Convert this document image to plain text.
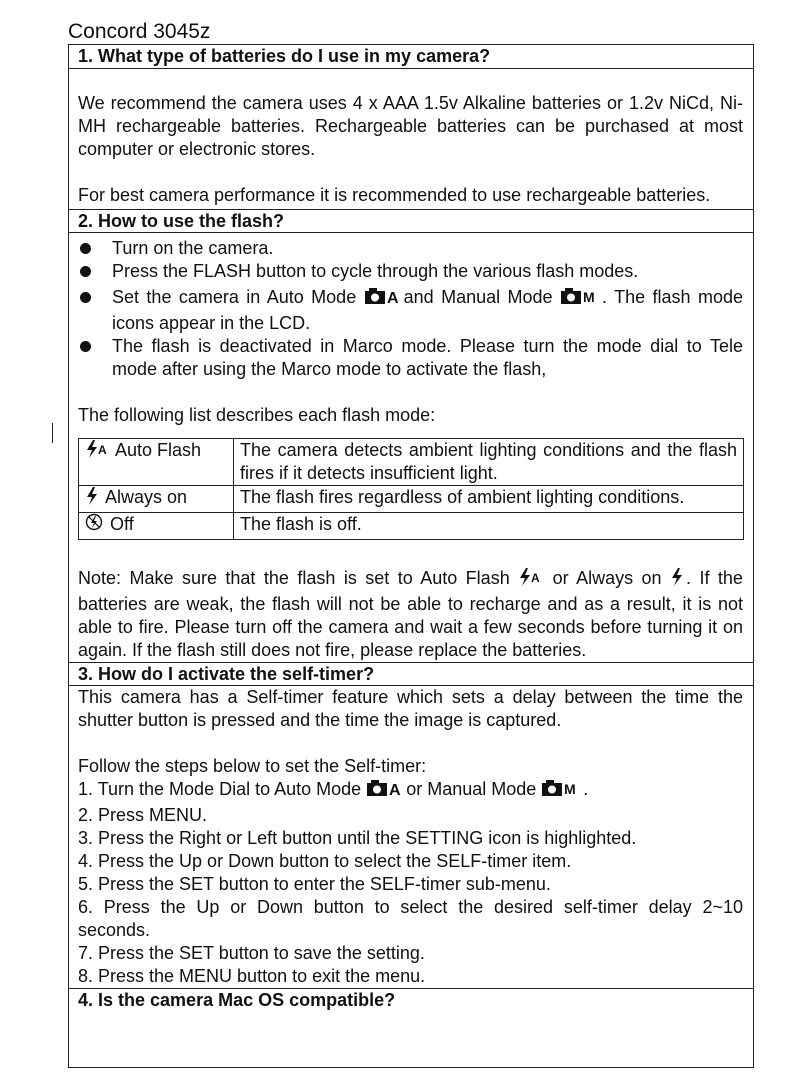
Concord 3045z
1. What type of batteries do I use in my camera?

We recommend the camera uses 4 x AAA 1.5v Alkaline batteries or 1.2v NiCd, Ni-MH rechargeable batteries. Rechargeable batteries can be purchased at most computer or electronic stores.

For best camera performance it is recommended to use rechargeable batteries.

2. How to use the flash?
Turn on the camera.
Press the FLASH button to cycle through the various flash modes.
Set the camera in Auto Mode A and Manual Mode M . The flash mode icons appear in the LCD.
The flash is deactivated in Marco mode. Please turn the mode dial to Tele mode after using the Marco mode to activate the flash,

The following list describes each flash mode:

A Auto Flash	The camera detects ambient lighting conditions and the flash fires if it detects insufficient light.
Always on	The flash fires regardless of ambient lighting conditions.
Off	The flash is off.

Note: Make sure that the flash is set to Auto Flash A or Always on . If the batteries are weak, the flash will not be able to recharge and as a result, it is not able to fire. Please turn off the camera and wait a few seconds before turning it on again. If the flash still does not fire, please replace the batteries.

3. How do I activate the self-timer?

This camera has a Self-timer feature which sets a delay between the time the shutter button is pressed and the time the image is captured.

Follow the steps below to set the Self-timer:

1. Turn the Mode Dial to Auto Mode A or Manual Mode M .

2. Press MENU.

3. Press the Right or Left button until the SETTING icon is highlighted.

4. Press the Up or Down button to select the SELF-timer item.

5. Press the SET button to enter the SELF-timer sub-menu.

6. Press the Up or Down button to select the desired self-timer delay 2~10 seconds.

7. Press the SET button to save the setting.

8. Press the MENU button to exit the menu.

4. Is the camera Mac OS compatible?
